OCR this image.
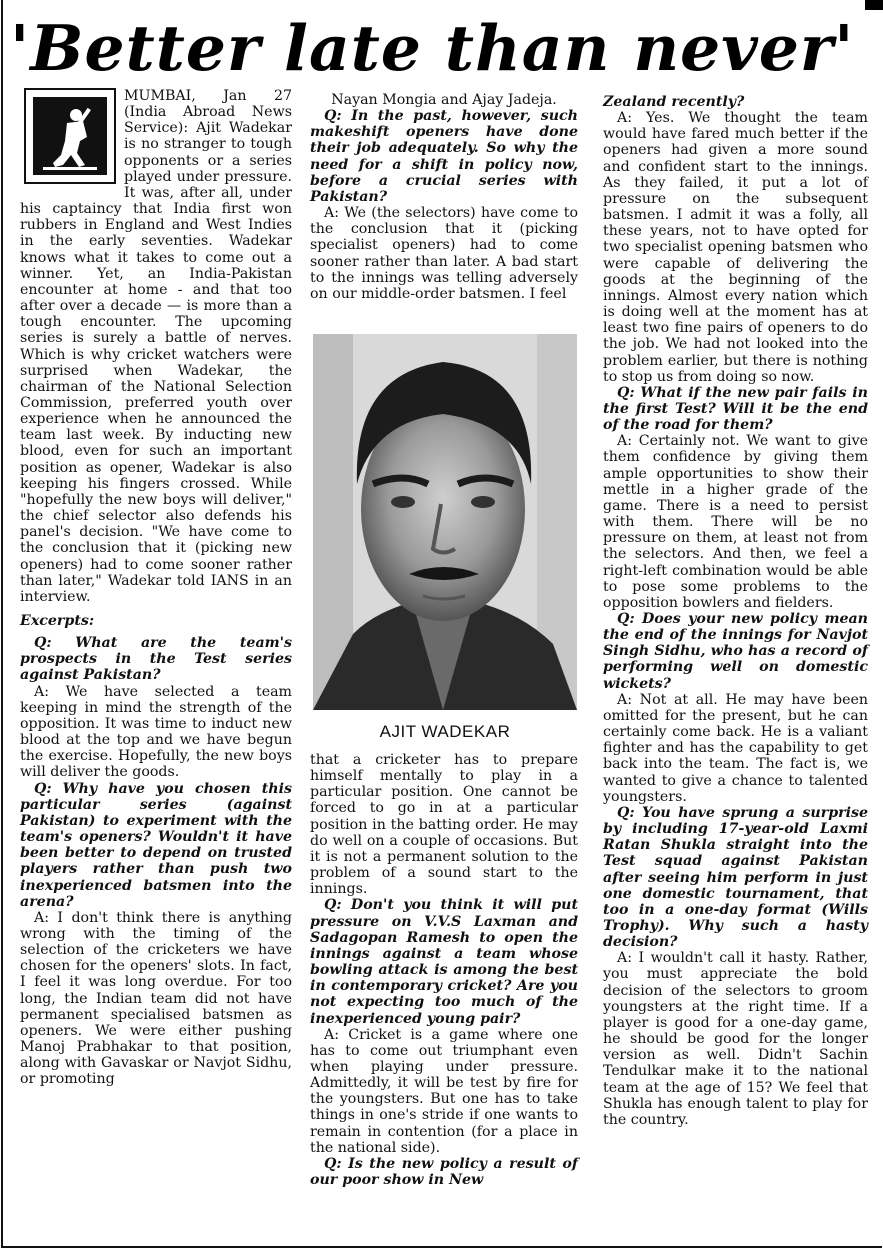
'Better late than never'

MUMBAI, Jan 27 (India Abroad News Service): Ajit Wadekar is no stranger to tough opponents or a series played under pressure. It was, after all, under his captaincy that India first won rubbers in England and West Indies in the early seventies. Wadekar knows what it takes to come out a winner. Yet, an India-Pakistan encounter at home - and that too after over a decade — is more than a tough encounter. The upcoming series is surely a battle of nerves. Which is why cricket watchers were surprised when Wadekar, the chairman of the National Selection Commission, preferred youth over experience when he announced the team last week. By inducting new blood, even for such an important position as opener, Wadekar is also keeping his fingers crossed. While "hopefully the new boys will deliver," the chief selector also defends his panel's decision. "We have come to the conclusion that it (picking new openers) had to come sooner rather than later," Wadekar told IANS in an interview.

Excerpts:

Q: What are the team's prospects in the Test series against Pakistan?

A: We have selected a team keeping in mind the strength of the opposition. It was time to induct new blood at the top and we have begun the exercise. Hopefully, the new boys will deliver the goods.

Q: Why have you chosen this particular series (against Pakistan) to experiment with the team's openers? Wouldn't it have been better to depend on trusted players rather than push two inexperienced batsmen into the arena?

A: I don't think there is anything wrong with the timing of the selection of the cricketers we have chosen for the openers' slots. In fact, I feel it was long overdue. For too long, the Indian team did not have permanent specialised batsmen as openers. We were either pushing Manoj Prabhakar to that position, along with Gavaskar or Navjot Sidhu, or promoting

Nayan Mongia and Ajay Jadeja.

Q: In the past, however, such makeshift openers have done their job adequately. So why the need for a shift in policy now, before a crucial series with Pakistan?

A: We (the selectors) have come to the conclusion that it (picking specialist openers) had to come sooner rather than later. A bad start to the innings was telling adversely on our middle-order batsmen. I feel

AJIT WADEKAR

that a cricketer has to prepare himself mentally to play in a particular position. One cannot be forced to go in at a particular position in the batting order. He may do well on a couple of occasions. But it is not a permanent solution to the problem of a sound start to the innings.

Q: Don't you think it will put pressure on V.V.S Laxman and Sadagopan Ramesh to open the innings against a team whose bowling attack is among the best in contemporary cricket? Are you not expecting too much of the inexperienced young pair?

A: Cricket is a game where one has to come out triumphant even when playing under pressure. Admittedly, it will be test by fire for the youngsters. But one has to take things in one's stride if one wants to remain in contention (for a place in the national side).

Q: Is the new policy a result of our poor show in New

Zealand recently?

A: Yes. We thought the team would have fared much better if the openers had given a more sound and confident start to the innings. As they failed, it put a lot of pressure on the subsequent batsmen. I admit it was a folly, all these years, not to have opted for two specialist opening batsmen who were capable of delivering the goods at the beginning of the innings. Almost every nation which is doing well at the moment has at least two fine pairs of openers to do the job. We had not looked into the problem earlier, but there is nothing to stop us from doing so now.

Q: What if the new pair fails in the first Test? Will it be the end of the road for them?

A: Certainly not. We want to give them confidence by giving them ample opportunities to show their mettle in a higher grade of the game. There is a need to persist with them. There will be no pressure on them, at least not from the selectors. And then, we feel a right-left combination would be able to pose some problems to the opposition bowlers and fielders.

Q: Does your new policy mean the end of the innings for Navjot Singh Sidhu, who has a record of performing well on domestic wickets?

A: Not at all. He may have been omitted for the present, but he can certainly come back. He is a valiant fighter and has the capability to get back into the team. The fact is, we wanted to give a chance to talented youngsters.

Q: You have sprung a surprise by including 17-year-old Laxmi Ratan Shukla straight into the Test squad against Pakistan after seeing him perform in just one domestic tournament, that too in a one-day format (Wills Trophy). Why such a hasty decision?

A: I wouldn't call it hasty. Rather, you must appreciate the bold decision of the selectors to groom youngsters at the right time. If a player is good for a one-day game, he should be good for the longer version as well. Didn't Sachin Tendulkar make it to the national team at the age of 15? We feel that Shukla has enough talent to play for the country.
